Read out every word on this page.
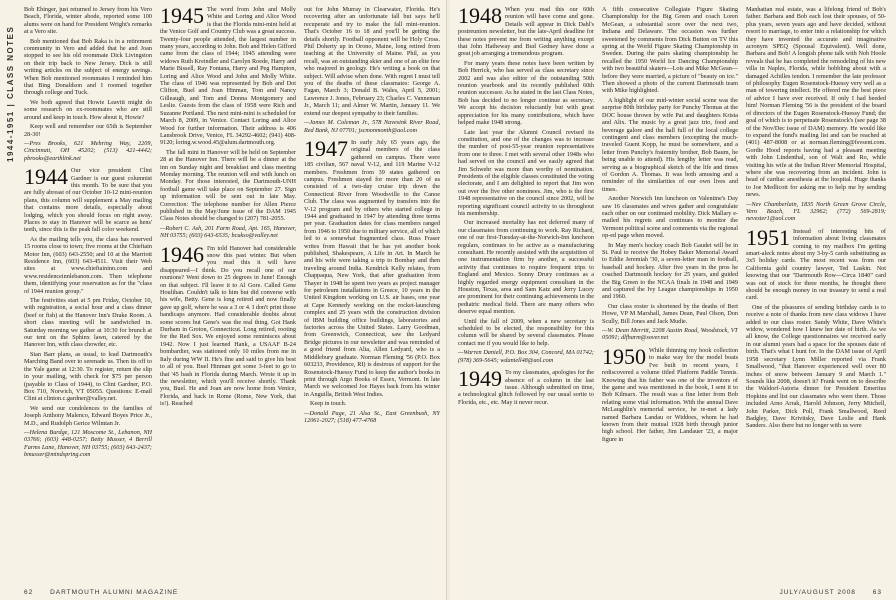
1944-1951 | CLASS NOTES

Bob Ehinger, just returned to Jersey from his Vero Beach, Florida, winter abode, reported some 100 alums were on hand for President Wright's remarks at a Vero site.

Bob mentioned that Bob Raka is in a retirement community in Vero and added that he and Joan stopped to see his old roommate Dick Livingston on their trip back to New Jersey. Dick is still writing articles on the subject of energy savings. When Bob mentioned roommates I reminded him that Bing Donaldson and I roomed together through college and Tuck.

We both agreed that Howie Leavitt might do some research on ex-roommates who are still around and keep in touch. How about it, Howie?

Keep well and remember our 65th is September 28-30!

—Pres Brooks, 621 Mehring Way, 2209, Cincinnati, OH 45202; (513) 421-4442; pbrooks@earthlink.net

1944 Our vice president Clint Gardner is our guest columnist this month. To be sure that you are fully abreast of our October 10-12 mini-reunion plans, this column will supplement a May mailing that contains more details, especially about lodging, which you should focus on right away. Places to stay in Hanover will be scarce as hens' teeth, since this is the peak fall color weekend.

As the mailing tells you, the class has reserved 15 rooms close to town; five rooms at the Chieftain Motor Inn, (603) 643-2550; and 10 at the Marriott Residence Inn, (603) 643-4511. Visit their Web sites at www.chieftaininn.com and www.residenceinnlebanon.com. Then telephone them, identifying your reservation as for the "class of 1944 reunion group."

The festivities start at 5 pm Friday, October 10, with registration, a social hour and a class dinner (beef or fish) at the Hanover Inn's Drake Room. A short class meeting will be sandwiched in. Saturday morning we gather at 10:30 for brunch at our tent on the Sphinx lawn, catered by the Hanover Inn, with class chowder, etc.

Stan Barr plans, as usual, to lead Dartmouth's Marching Band over to serenade us. Then its off to the Yale game at 12:30. To register, return the slip in your mailing, with check for $75 per person (payable to Class of 1944), to Clint Gardner, P.O. Box 710, Norwich, VT 05055. Questions: E-mail Clint at clinton.c.gardner@valley.net.

We send our condolences to the families of Joseph Anthony Malenco, Edward Boyes Price Jr., M.D., and Rudolph Gerice Wilmtan Jr.

—Helena Burdge, 121 Moscome St., Lebanon, NH 03766; (603) 448-0257; Betty Musser, 4 Berrill Farms Lane, Hanover, NH 03755; (603) 643-2437; bmusser@mindspring.com

1945 The word from John and Molly White and Loring and Alice Wood is that the Florida mini-mini held at the Venice Golf and Country Club was a great success. Twenty-four people attended, the largest number in many years, according to John. Bob and Helen Gifford came from the class of 1944; 1945 attending were widows Ruth Kreindler and Carolyn Roede, Harry and Marie Bissell, Ray Fontana, Harry and Peg Hampton, Loring and Alice Wood and John and Molly White. The class of 1946 was represented by Bob and Dot Clifton, Buel and Joan Hinman, Tom and Nancy Gilleaugh, and Tom and Donna Montgomery and Leslie. Guests from the class of 1958 were Rich and Suzanne Portland. The next mini-mini is scheduled for March 8, 2009, in Venice. Contact Loring and Alice Wood for further information. Their address is 406 Lansbrook Drive, Venice, FL 34292-4602; (941) 408-9120; loring.w.wood.45@alum.dartmouth.org.

The fall mini in Hanover will be held on September 28 at the Hanover Inn. There will be a dinner at the inn on Sunday night and breakfast and class meeting Monday morning. The reunion will end with lunch on Monday. For those interested, the Dartmouth-UNH football game will take place on September 27. Sign up information will be sent out in late May. Correction: The telephone number for Allen Pierce published in the May/June issue of the DAM 1945 Class Notes should be changed to (207) 781-2055.

—Robert C. Ash, 201 Farm Road, Apt. 165, Hanover, NH 03755; (603) 643-6535; bcukso@valley.net

1946 I'm told Hanover had considerable snow this past winter. But when you read this it will have disappeared—I think. Do you recall one of our reunions? Went down to 25 degrees in June! Enough on that subject. I'll leave it to Al Gore. Called Gene Houlihan. Couldn't talk to him but did converse with his wife, Betty. Gene is long retired and now finally gave up golf, where he was a 3 or 4. I don't print those handicaps anymore. Had considerable doubts about some scores but Gene's was the real thing. Got Hank Durham in Groton, Connecticut. Long retired, rooting for the Red Sox. We enjoyed some reminisces about 1942. Now I just learned Hank, a USAAF B-24 bombardier, was stationed only 10 miles from me in Italy during WW II. He's fine and said to give his best to all of you. Buel Hinman got some 3-feet to go to that '45 bash in Florida during March. Wrote it up in the newsletter, which you'll receive shortly. Thank you, Buel. He and Joan are now home from Venice, Florida, and back in Rome (Rome, New York, that is!). Reached

out for John Murray in Clearwater, Florida. He's recovering after an unfortunate fall but says he'll recuperate and try to make the fall mini-reunion. That's October 16 to 18 and you'll be getting the details shortly. Football opponent will be Holy Cross. Phil Doherty up in Orono, Maine, long retired from teaching at the University of Maine. Phil, as you recall, was an outstanding skier and one of an elite few who majored in geology. He's writing a book on that subject. Will advise when done. With regret I must tell you of the deaths of these classmates: George A. Fagan, March 3; Donald B. Wales, April 5, 2001; Lawrence J. Jones, February 23; Charles C. Vanneman Jr., March 11; and Almer W. Martin, January 11. We extend our deepest sympathy to their families.

—James M. Coleman Jr., 578 Navesink River Road, Red Bank, NJ 07701; jscmonmonth@aol.com

1947 In early July 65 years ago, the original members of the class gathered on campus. There were 185 civilian, 567 naval V-12, and 119 Marine V-12 members. Freshmen from 39 states gathered on campus. Freshmen stayed for more than 20 of us consisted of a two-day cruise trip down the Connecticut River from Woodsville to the Canoe Club. The class was augmented by transfers into the V-12 program and by others who started college in 1944 and graduated in 1947 by attending three terms per year. Graduation dates for class members ranged from 1946 to 1950 due to military service, all of which led to a somewhat fragmented class. Russ Fraser writes from Hawaii that he has yet another book published, Shakespeare, A Life in Art. In March he and his wife were taking a trip to Bombay and then traveling around India. Kendrick Kelly relates, from Chappaqua, New York, that after graduation from Thayer in 1948 he spent two years as project manager for petroleum installations in Greece, 10 years in the United Kingdom working on U.S. air bases, one year at Cape Kennedy working on the rocket-launching complex and 25 years with the construction division of IBM building office buildings, laboratories and factories across the United States. Larry Goodman, from Greenwich, Connecticut, saw the Ledyard Bridge pictures in our newsletter and was reminded of a good friend from Alta, Allen Ledyard, who is a Middlebury graduate. Norman Fleming '56 (P.O. Box 603233, Providence, RI) is desirous of support for the Rosenstock-Huessy Fund to keep the author's books in print through Argo Books of Essex, Vermont. In late March we welcomed Joe Hayes back from his winter in Anguilla, British West Indies.

Keep in touch.

—Donald Page, 21 Alsa St., East Greenbush, NY 12061-2027; (518) 477-4768

62	DARTMOUTH ALUMNI MAGAZINE
1948 When you read this our 60th reunion will have come and gone. Details will appear in Dick Dahl's postreunion newsletter, but the late-April deadline for these notes prevent me from writing anything except that John Hatheway and Bud Gedney have done a great job arranging a tremendous program.

For many years these notes have been written by Bob Herrick, who has served as class secretary since 2002 and was also editor of the outstanding 50th reunion yearbook and its recently published 60th reunion successor. As he stated in the last Class Notes, Bob has decided to no longer continue as secretary. We accept his decision reluctantly but with great appreciation for his many contributions, which have helped make 1948 strong.

Late last year the Alumni Council revised its constitution, and one of the changes was to increase the number of post-55-year reunion representatives from one to three. I met with several other 1948s who had served on the council and we easily agreed that Jim Schwehr was more than worthy of nomination. Presidents of the eligible classes constituted the voting electorate, and I am delighted to report that Jim won out over the five other nominees. Jim, who is the first 1948 representative on the council since 2002, will be reporting significant council activity to us throughout his membership.

Our increased mortality has not deferred many of our classmates from continuing to work. Ray Richard, one of our first-Tuesday-at-the-Norwich-Inn luncheon regulars, continues to be active as a manufacturing consultant. He recently assisted with the acquisition of one instrumentation firm by another, a successful activity that continues to require frequent trips to England and Mexico. Sonny Drury continues as a highly regarded energy equipment consultant in the Houston, Texas, area and Sam Katz and Jerry Lucey are prominent for their continuing achievements in the pediatric medical field. There are many others who deserve equal mention.

Until the fall of 2009, when a new secretary is scheduled to be elected, the responsibility for this column will be shared by several classmates. Please contact me if you would like to help.

—Warren Daniell, P.O. Box 304, Concord, MA 01742; (978) 369-5645; wdaniell48@aol.com

1949 To my classmates, apologies for the absence of a column in the last issue. Although submitted on time, a technological glitch followed by our usual sortie to Florida, etc., etc. May it never recur.

A fifth consecutive Collegiate Figure Skating Championship for the Big Green and coach Loren McGean, a substantial score over the next two, Indiana and Delaware. The occasion was further sweetened by comments from Dick Button on TV this spring at the World Figure Skating Championship in Sweden. During the pairs skating championship he recalled the 1950 World Ice Dancing Championship with two beautiful skaters—Lois and Mike McGean—before they were married, a picture of "beauty on ice." Then showed a photo of the current Dartmouth team with Mike highlighted.

A highlight of our mid-winter social scene was the surprise 80th birthday party for Punchy Thomas at the DOC house thrown by wife Pat and daughters Krista and Alix. The music by a great jazz trio, food and beverage galore and the hall full of the local college contingent and class members (excepting the much-traveled Guent Kopp, he must be somewhere, and a letter from Punchy's fraternity brother, Bob Baum, he being unable to attend). His lengthy letter was read, serving as a biographical sketch of the life and times of Gordon A. Thomas. It was both amusing and a reminder of the similarities of our own lives and times.

Another Norwich Inn luncheon on Valentine's Day saw 16 classmates and wives gather and congratulate each other on our continued mobility. Dick Mallary e-mailed his regrets and continues to monitor the Vermont political scene and comments via the regional op-ed page when moved.

In May men's hockey coach Bob Gaudet will be in St. Paul to receive the Hobey Baker Memorial Award to Eddie Jeremiah '30, a seven-letter man in football, baseball and hockey. After five years in the pros he coached Dartmouth hockey for 25 years, and guided the Big Green to the NCAA finals in 1948 and 1949 and captured the Ivy League championships in 1950 and 1960.

Our class roster is shortened by the deaths of Bert Howe, VP M Marshall, James Dean, Paul Olson, Don Scully, Bill Jones and Jack Mudie.

—W. Dean Merritt, 2208 Austin Road, Woodstock, VT 05091; dlfharm@sover.net

1950 While thinning my book collection to make way for the model boats I've built in recent years, I rediscovered a volume titled Platform Paddle Tennis. Knowing that his father was one of the inventors of the game and was mentioned in the book, I sent it to Bob Kilmarx. The result was a fine letter from Bob relating some vital information. With the annual Dave McLaughlin's memorial service, he re-met a lady named Barbara Landau or Widdoes, whom he had known from their mutual 1928 birth through junior high school. Her father, Jim Landauer '23, a major figure in

Manhattan real estate, was a lifelong friend of Bob's father. Barbara and Bob each lost their spouses, of 50-plus years, seven years ago and have decided, without resort to marriage, to enter into a relationship for which they have invented the accurate and imaginative acronym SPEQ (Spousal Equivalent). Well done, Barbara and Bob! A longish phone talk with Nob Hoole reveals that he has completed the remodeling of his new villa in Naples, Florida, while hobbling about with a damaged Achilles tendon. I remember the late professor of philosophy Eugen Rosenstock-Huessy very well as a man of towering intellect. He offered me the best piece of advice I have ever received. If only I had heeded him! Norman Fleming '56 is the president of the board of directors of the Eugen Rosenstock-Huessy Fund; the goal of which is to perpetuate Rosenstock's (see page 38 of the Nov/Dec issue of DAM) memory. He would like to expand the fund's mailing list and can be reached at (401) 487-8008 or at norman.fleming@fsvsent.com. Gordie Hood reports having had a pleasant meeting with John Lindenthal, son of Walt and Ro, while visiting his wife at the Indian River Memorial Hospital, where she was recovering from an incident. John is head of cardiac anesthesia at the hospital. Huge thanks to Joe Medlicott for asking me to help me by sending news.

—Nev Chamberlain, 1835 North Green Grove Circle, Vero Beach, FL 32962; (772) 569-2819; nevester1@aol.com

1951 Instead of interesting bits of information about living classmates coming to my mailbox I'm getting smart-aleck notes about my 3-by-5 cards substituting as 3x5 holiday cards. The most recent was from our California gold country lawyer, Ted Laskin. Not knowing that our "Dartmouth Row—Circa 1840" card was out of stock for three months, he thought there should be enough money in our treasury to send a real card.

One of the pleasures of sending birthday cards is to receive a note of thanks from new class widows I have added to our class roster. Sandy White, Dave White's widow, wondered how I knew her date of birth. As we all know, the College questionnaires we received early in our alumni years had a space for the spouses date of birth. That's what I hunt for. In the DAM issue of April 1958 secretary Lynn Miller reported via Frank Smallwood, "that Hanover experienced well over 80 inches of snow between January 9 and March 1." Sounds like 2008, doesn't it? Frank went on to describe the Waldorf-Astoria dinner for President Emeritus Hopkins and list our classmates who were there. Those included Arno Arrak, Harold Johnson, Jerry Mitchell, John Parker, Dick Poll, Frank Smallwood, Reed Badgley, Dave Krivitsky, Dave Leslie and Hank Sanders. Also there but no longer with us were

JULY/AUGUST 2008	63
